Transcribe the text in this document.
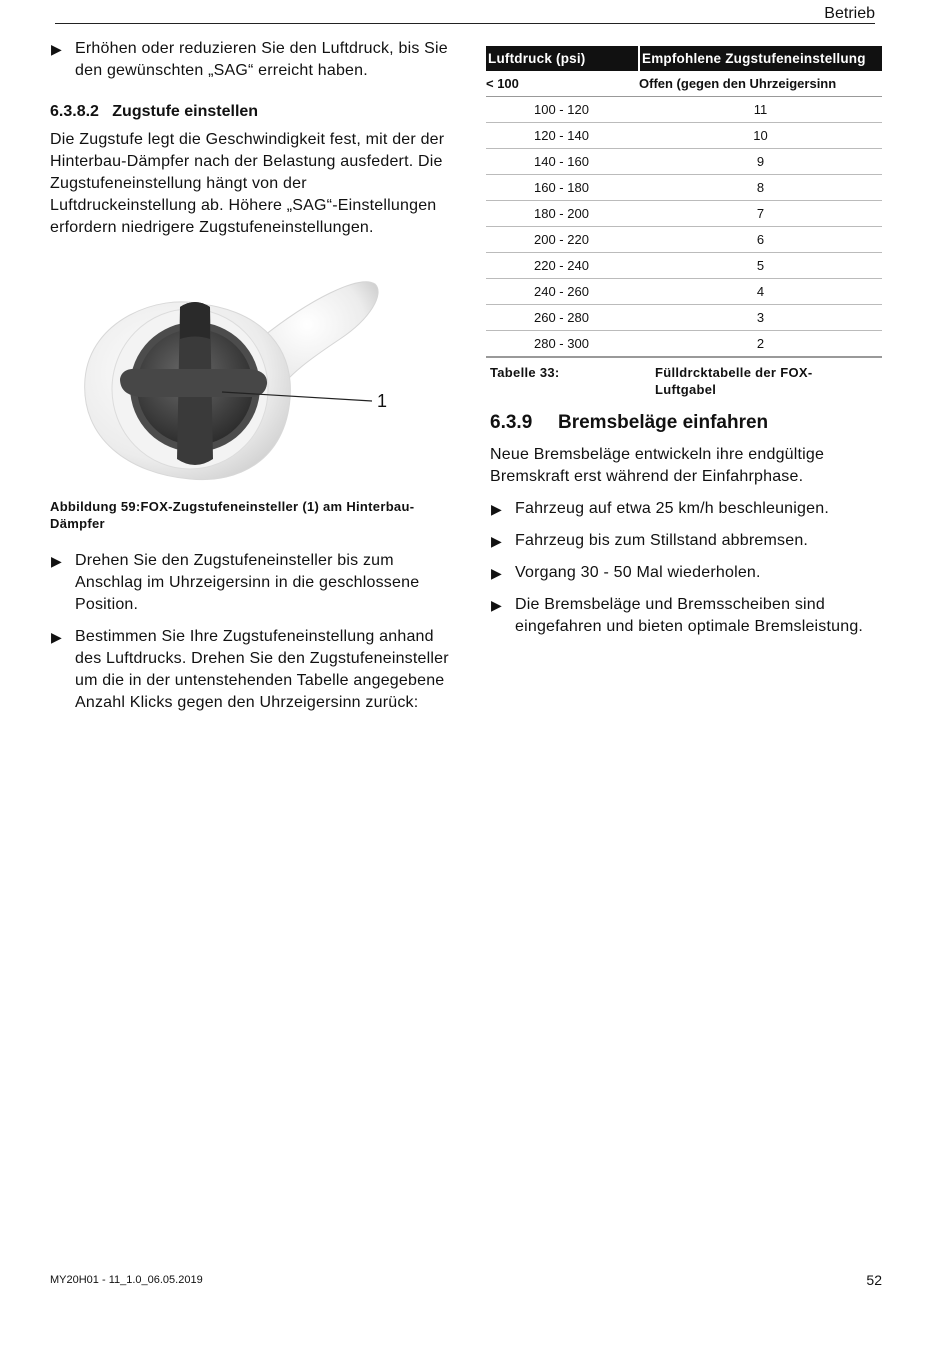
Betrieb
▶ Erhöhen oder reduzieren Sie den Luftdruck, bis Sie den gewünschten „SAG“ erreicht haben.
6.3.8.2 Zugstufe einstellen
Die Zugstufe legt die Geschwindigkeit fest, mit der der Hinterbau-Dämpfer nach der Belastung ausfedert. Die Zugstufeneinstellung hängt von der Luftdruckeinstellung ab. Höhere „SAG“-Einstellungen erfordern niedrigere Zugstufeneinstellungen.
1
Abbildung 59:FOX-Zugstufeneinsteller (1) am Hinterbau-Dämpfer
▶ Drehen Sie den Zugstufeneinsteller bis zum Anschlag im Uhrzeigersinn in die geschlossene Position.
▶ Bestimmen Sie Ihre Zugstufeneinstellung anhand des Luftdrucks. Drehen Sie den Zugstufeneinsteller um die in der untenstehenden Tabelle angegebene Anzahl Klicks gegen den Uhrzeigersinn zurück:
Luftdruck (psi)	Empfohlene Zugstufeneinstellung
< 100	Offen (gegen den Uhrzeigersinn
100 - 120	11
120 - 140	10
140 - 160	9
160 - 180	8
180 - 200	7
200 - 220	6
220 - 240	5
240 - 260	4
260 - 280	3
280 - 300	2
Tabelle 33:	Fülldrcktabelle der FOX-Luftgabel
6.3.9 Bremsbeläge einfahren
Neue Bremsbeläge entwickeln ihre endgültige Bremskraft erst während der Einfahrphase.
▶ Fahrzeug auf etwa 25 km/h beschleunigen.
▶ Fahrzeug bis zum Stillstand abbremsen.
▶ Vorgang 30 - 50 Mal wiederholen.
▶ Die Bremsbeläge und Bremsscheiben sind eingefahren und bieten optimale Bremsleistung.
MY20H01 - 11_1.0_06.05.2019	52
